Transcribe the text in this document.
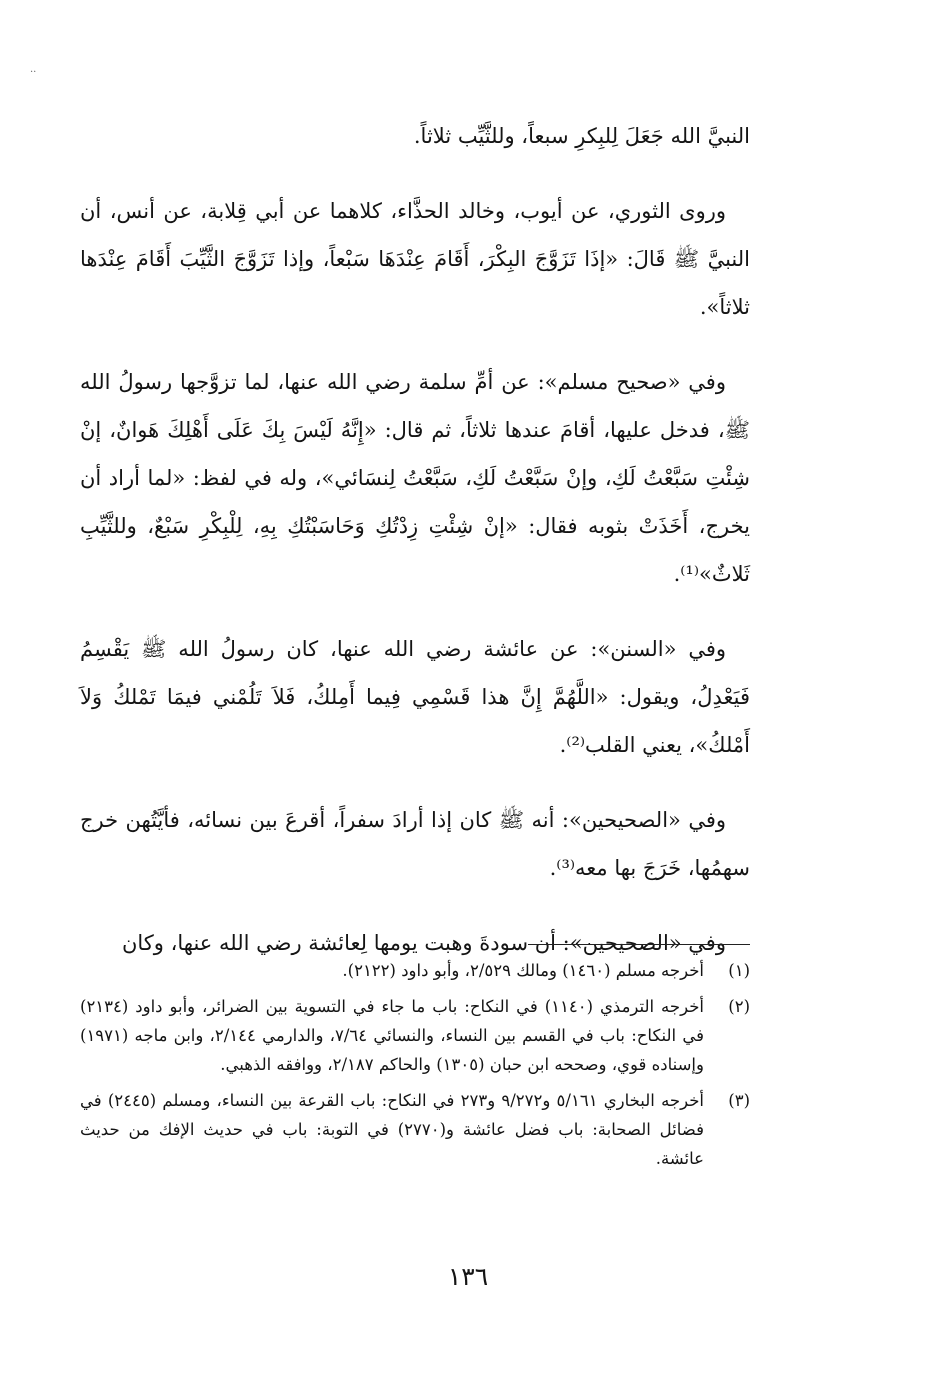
..

النبيَّ الله جَعَلَ لِلبِكرِ سبعاً، وللثَّيِّب ثلاثاً.

وروى الثوري، عن أيوب، وخالد الحذَّاء، كلاهما عن أبي قِلابة، عن أنس، أن النبيَّ ﷺ قَالَ: «إذَا تَزَوَّجَ البِكْرَ، أَقَامَ عِنْدَهَا سَبْعاً، وإذا تَزَوَّجَ الثَّيِّبَ أَقَامَ عِنْدَها ثلاثاً».

وفي «صحيح مسلم»: عن أمِّ سلمة رضي الله عنها، لما تزوَّجها رسولُ الله ﷺ، فدخل عليها، أقامَ عندها ثلاثاً، ثم قال: «إِنَّهُ لَيْسَ بِكَ عَلَى أَهْلِكَ هَوانٌ، إنْ شِئْتِ سَبَّعْتُ لَكِ، وإنْ سَبَّعْتُ لَكِ، سَبَّعْتُ لِنسَائي»، وله في لفظ: «لما أراد أن يخرج، أَخَذَتْ بثوبه فقال: «إنْ شِئْتِ زِدْتُكِ وَحَاسَبْتُكِ بِهِ، لِلْبِكْرِ سَبْعٌ، وللثَّيِّبِ ثَلاثٌ»⁽¹⁾.

وفي «السنن»: عن عائشة رضي الله عنها، كان رسولُ الله ﷺ يَقْسِمُ فَيَعْدِلُ، ويقول: «اللَّهُمَّ إِنَّ هذا قَسْمِي فِيما أَمِلكُ، فَلاَ تَلُمْني فيمَا تَمْلكُ وَلاَ أَمْلكُ»، يعني القلب⁽²⁾.

وفي «الصحيحين»: أنه ﷺ كان إذا أرادَ سفراً، أقرعَ بين نسائه، فأيَّتُهن خرج سهمُها، خَرَجَ بها معه⁽³⁾.

وفي «الصحيحين»: أن سودةَ وهبت يومها لِعائشة رضي الله عنها، وكان

(١)
أخرجه مسلم (١٤٦٠) ومالك ٢/٥٢٩، وأبو داود (٢١٢٢).
(٢)
أخرجه الترمذي (١١٤٠) في النكاح: باب ما جاء في التسوية بين الضرائر، وأبو داود (٢١٣٤) في النكاح: باب في القسم بين النساء، والنسائي ٧/٦٤، والدارمي ٢/١٤٤، وابن ماجه (١٩٧١) وإسناده قوي، وصححه ابن حبان (١٣٠٥) والحاكم ٢/١٨٧، ووافقه الذهبي.
(٣)
أخرجه البخاري ٥/١٦١ و٩/٢٧٢ و٢٧٣ في النكاح: باب القرعة بين النساء، ومسلم (٢٤٤٥) في فضائل الصحابة: باب فضل عائشة و(٢٧٧٠) في التوبة: باب في حديث الإفك من حديث عائشة.
١٣٦
